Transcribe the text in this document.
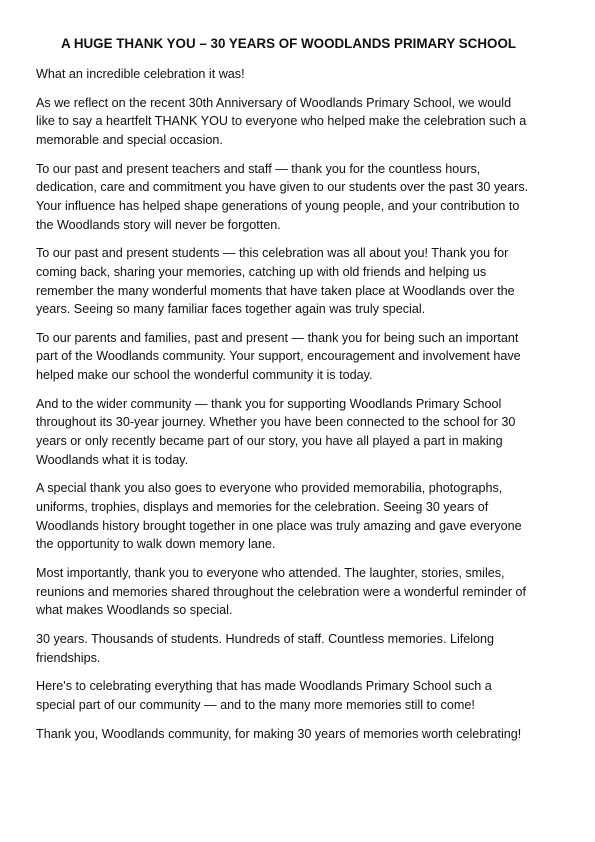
A HUGE THANK YOU – 30 YEARS OF WOODLANDS PRIMARY SCHOOL

What an incredible celebration it was!

As we reflect on the recent 30th Anniversary of Woodlands Primary School, we would like to say a heartfelt THANK YOU to everyone who helped make the celebration such a memorable and special occasion.

To our past and present teachers and staff — thank you for the countless hours, dedication, care and commitment you have given to our students over the past 30 years. Your influence has helped shape generations of young people, and your contribution to the Woodlands story will never be forgotten.

To our past and present students — this celebration was all about you! Thank you for coming back, sharing your memories, catching up with old friends and helping us remember the many wonderful moments that have taken place at Woodlands over the years. Seeing so many familiar faces together again was truly special.

To our parents and families, past and present — thank you for being such an important part of the Woodlands community. Your support, encouragement and involvement have helped make our school the wonderful community it is today.

And to the wider community — thank you for supporting Woodlands Primary School throughout its 30-year journey. Whether you have been connected to the school for 30 years or only recently became part of our story, you have all played a part in making Woodlands what it is today.

A special thank you also goes to everyone who provided memorabilia, photographs, uniforms, trophies, displays and memories for the celebration. Seeing 30 years of Woodlands history brought together in one place was truly amazing and gave everyone the opportunity to walk down memory lane.

Most importantly, thank you to everyone who attended. The laughter, stories, smiles, reunions and memories shared throughout the celebration were a wonderful reminder of what makes Woodlands so special.

30 years. Thousands of students. Hundreds of staff. Countless memories. Lifelong friendships.

Here's to celebrating everything that has made Woodlands Primary School such a special part of our community — and to the many more memories still to come!

Thank you, Woodlands community, for making 30 years of memories worth celebrating!
